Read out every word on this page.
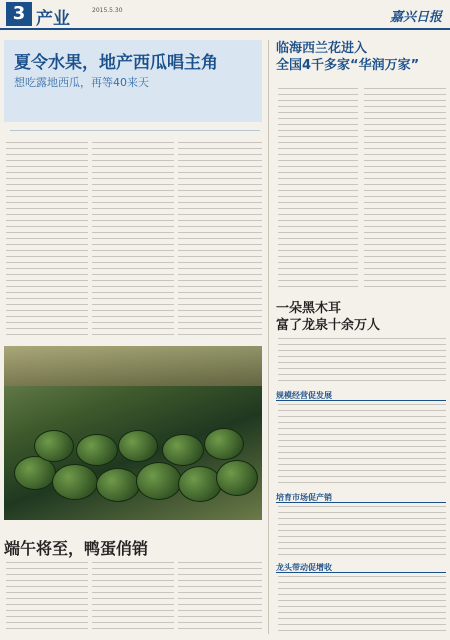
3 产业	2015.5.30	嘉兴日报
夏令水果，地产西瓜唱主角
想吃露地西瓜，再等40来天
临海西兰花进入
全国4千多家“华润万家”
一朵黑木耳
富了龙泉十余万人
规模经营促发展
培育市场促产销
龙头带动促增收
端午将至，鸭蛋俏销
